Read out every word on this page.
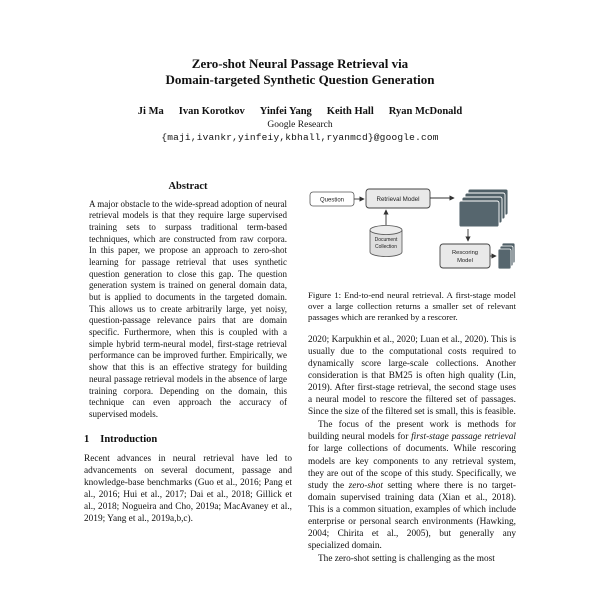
Zero-shot Neural Passage Retrieval via
Domain-targeted Synthetic Question Generation
Ji Ma Ivan Korotkov Yinfei Yang Keith Hall Ryan McDonald
Google Research
{maji,ivankr,yinfeiy,kbhall,ryanmcd}@google.com
Abstract

A major obstacle to the wide-spread adoption of neural retrieval models is that they require large supervised training sets to surpass traditional term-based techniques, which are constructed from raw corpora. In this paper, we propose an approach to zero-shot learning for passage retrieval that uses synthetic question generation to close this gap. The question generation system is trained on general domain data, but is applied to documents in the targeted domain. This allows us to create arbitrarily large, yet noisy, question-passage relevance pairs that are domain specific. Furthermore, when this is coupled with a simple hybrid term-neural model, first-stage retrieval performance can be improved further. Empirically, we show that this is an effective strategy for building neural passage retrieval models in the absence of large training corpora. Depending on the domain, this technique can even approach the accuracy of supervised models.

1 Introduction

Recent advances in neural retrieval have led to advancements on several document, passage and knowledge-base benchmarks (Guo et al., 2016; Pang et al., 2016; Hui et al., 2017; Dai et al., 2018; Gillick et al., 2018; Nogueira and Cho, 2019a; MacAvaney et al., 2019; Yang et al., 2019a,b,c).

Question	Retrieval Model
Document
Collection
Rescoring
Model
Figure 1: End-to-end neural retrieval. A first-stage model over a large collection returns a smaller set of relevant passages which are reranked by a rescorer.

2020; Karpukhin et al., 2020; Luan et al., 2020). This is usually due to the computational costs required to dynamically score large-scale collections. Another consideration is that BM25 is often high quality (Lin, 2019). After first-stage retrieval, the second stage uses a neural model to rescore the filtered set of passages. Since the size of the filtered set is small, this is feasible.

The focus of the present work is methods for building neural models for first-stage passage retrieval for large collections of documents. While rescoring models are key components to any retrieval system, they are out of the scope of this study. Specifically, we study the zero-shot setting where there is no target-domain supervised training data (Xian et al., 2018). This is a common situation, examples of which include enterprise or personal search environments (Hawking, 2004; Chirita et al., 2005), but generally any specialized domain.

The zero-shot setting is challenging as the most
